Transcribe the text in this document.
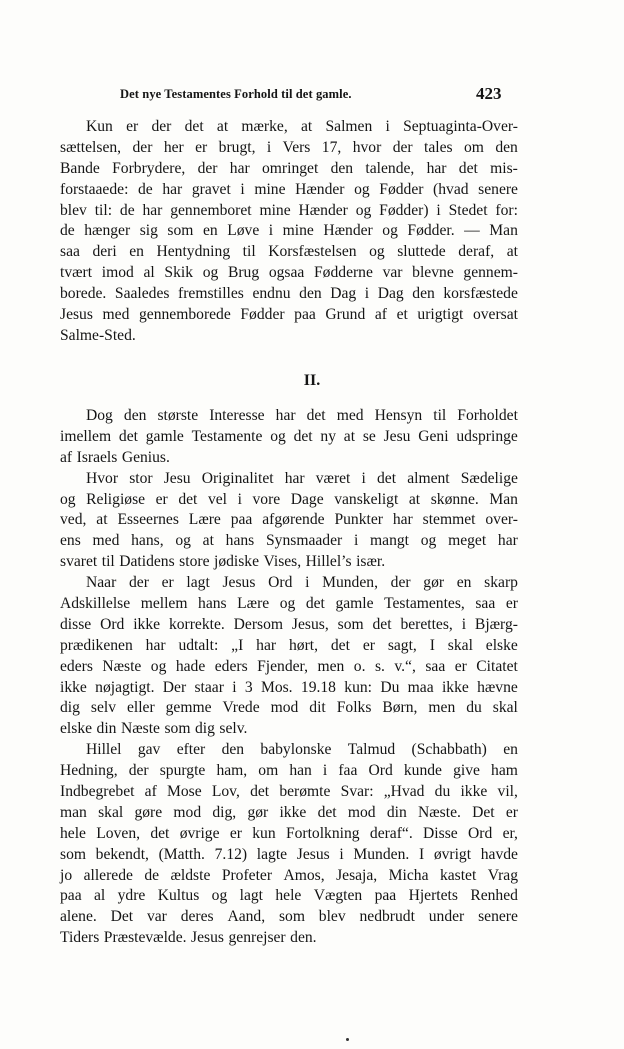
Det nye Testamentes Forhold til det gamle.	423
Kun er der det at mærke, at Salmen i Septuaginta-Over-
sættelsen, der her er brugt, i Vers 17, hvor der tales om den
Bande Forbrydere, der har omringet den talende, har det mis-
forstaaede: de har gravet i mine Hænder og Fødder (hvad senere
blev til: de har gennemboret mine Hænder og Fødder) i Stedet for:
de hænger sig som en Løve i mine Hænder og Fødder. — Man
saa deri en Hentydning til Korsfæstelsen og sluttede deraf, at
tvært imod al Skik og Brug ogsaa Fødderne var blevne gennem-
borede. Saaledes fremstilles endnu den Dag i Dag den korsfæstede
Jesus med gennemborede Fødder paa Grund af et urigtigt oversat
Salme-Sted.
II.
Dog den største Interesse har det med Hensyn til Forholdet
imellem det gamle Testamente og det ny at se Jesu Geni udspringe
af Israels Genius.
Hvor stor Jesu Originalitet har været i det alment Sædelige
og Religiøse er det vel i vore Dage vanskeligt at skønne. Man
ved, at Esseernes Lære paa afgørende Punkter har stemmet over-
ens med hans, og at hans Synsmaader i mangt og meget har
svaret til Datidens store jødiske Vises, Hillel’s især.
Naar der er lagt Jesus Ord i Munden, der gør en skarp
Adskillelse mellem hans Lære og det gamle Testamentes, saa er
disse Ord ikke korrekte. Dersom Jesus, som det berettes, i Bjærg-
prædikenen har udtalt: „I har hørt, det er sagt, I skal elske
eders Næste og hade eders Fjender, men o. s. v.“, saa er Citatet
ikke nøjagtigt. Der staar i 3 Mos. 19.18 kun: Du maa ikke hævne
dig selv eller gemme Vrede mod dit Folks Børn, men du skal
elske din Næste som dig selv.
Hillel gav efter den babylonske Talmud (Schabbath) en
Hedning, der spurgte ham, om han i faa Ord kunde give ham
Indbegrebet af Mose Lov, det berømte Svar: „Hvad du ikke vil,
man skal gøre mod dig, gør ikke det mod din Næste. Det er
hele Loven, det øvrige er kun Fortolkning deraf“. Disse Ord er,
som bekendt, (Matth. 7.12) lagte Jesus i Munden. I øvrigt havde
jo allerede de ældste Profeter Amos, Jesaja, Micha kastet Vrag
paa al ydre Kultus og lagt hele Vægten paa Hjertets Renhed
alene. Det var deres Aand, som blev nedbrudt under senere
Tiders Præstevælde. Jesus genrejser den.
